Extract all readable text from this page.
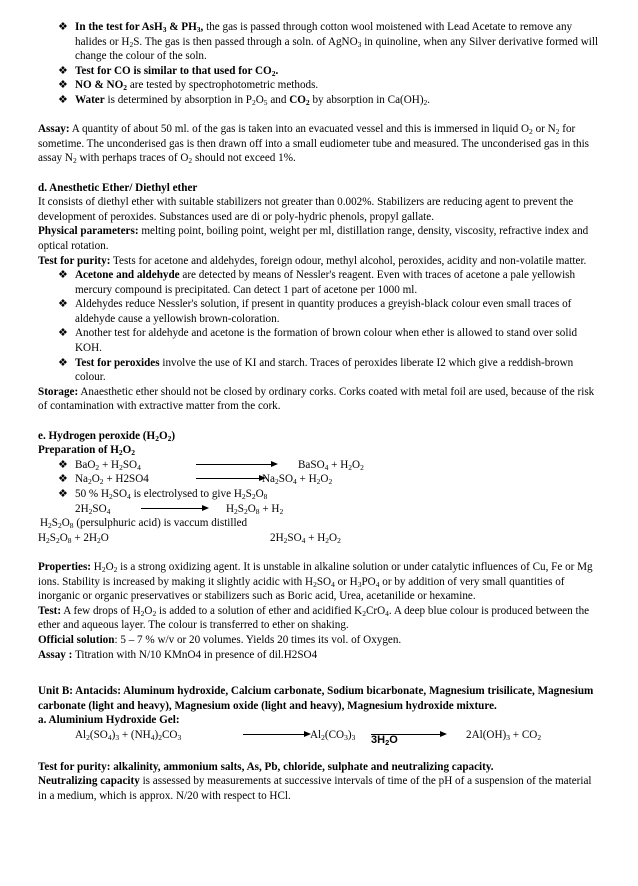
❖ In the test for AsH$_3$ & $PH_3$, the gas is passed through cotton wool moistened with Lead Acetate to remove any halides or $H_2S$. The gas is then passed through a soln. of AgNO$_3$ in quinoline, when any Silver derivative formed will change the colour of the soln.

❖ Test for CO is similar to that used for $CO_2$.

❖ NO & $NO_2$ are tested by spectrophotometric methods.

❖ Water is determined by absorption in $P_2O_5$ and $CO_2$ by absorption in $Ca(OH)_2$.

Assay: A quantity of about 50 ml. of the gas is taken into an evacuated vessel and this is immersed in liquid $O_2$ or $N_2$ for sometime. The unconderised gas is then drawn off into a small eudiometer tube and measured. The unconderised gas in this assay $N_2$ with perhaps traces of $O_2$ should not exceed 1%.

d. Anesthetic Ether/ Diethyl ether

It consists of diethyl ether with suitable stabilizers not greater than 0.002%. Stabilizers are reducing agent to prevent the development of peroxides. Substances used are di or poly-hydric phenols, propyl gallate.

Physical parameters: melting point, boiling point, weight per ml, distillation range, density, viscosity, refractive index and optical rotation.

Test for purity: Tests for acetone and aldehydes, foreign odour, methyl alcohol, peroxides, acidity and non-volatile matter.

❖ Acetone and aldehyde are detected by means of Nessler's reagent. Even with traces of acetone a pale yellowish mercury compound is precipitated. Can detect 1 part of acetone per 1000 ml.

❖ Aldehydes reduce Nessler's solution, if present in quantity produces a greyish-black colour even small traces of aldehyde cause a yellowish brown-coloration.

❖ Another test for aldehyde and acetone is the formation of brown colour when ether is allowed to stand over solid KOH.

❖ Test for peroxides involve the use of KI and starch. Traces of peroxides liberate I2 which give a reddish-brown colour.

Storage: Anaesthetic ether should not be closed by ordinary corks. Corks coated with metal foil are used, because of the risk of contamination with extractive matter from the cork.

e. Hydrogen peroxide $(H_2O_2)$

Preparation of $H_2O_2$

❖ $BaO_2 + H_2SO_4$	BaSO$_4$ + $H_2O_2$
❖ $Na_2O_2 + H2SO4$	$Na_2SO_4 + H_2O_2$
❖ 50 % $H_2SO_4$ is electrolysed to give $H_2S_2O_8$
$2H_2SO_4$	$H_2S_2O_8 + H_2$
$H_2S_2O_8$ (persulphuric acid) is vaccum distilled
$H_2S_2O_8 + 2H_2O$	$2H_2SO_4 + H_2O_2$

Properties: $H_2O_2$ is a strong oxidizing agent. It is unstable in alkaline solution or under catalytic influences of Cu, Fe or Mg ions. Stability is increased by making it slightly acidic with $H_2SO_4$ or $H_3PO_4$ or by addition of very small quantities of inorganic or organic preservatives or stabilizers such as Boric acid, Urea, acetanilide or hexamine.

Test: A few drops of $H_2O_2$ is added to a solution of ether and acidified $K_2CrO_4$. A deep blue colour is produced between the ether and aqueous layer. The colour is transferred to ether on shaking.

Official solution: 5 – 7 % w/v or 20 volumes. Yields 20 times its vol. of Oxygen.

Assay : Titration with N/10 KMnO4 in presence of dil.H2SO4

Unit B: Antacids: Aluminum hydroxide, Calcium carbonate, Sodium bicarbonate, Magnesium trisilicate, Magnesium carbonate (light and heavy), Magnesium oxide (light and heavy), Magnesium hydroxide mixture.

a. Aluminium Hydroxide Gel:

$Al_2(SO_4)_3 + (NH_4)_2CO_3$	$Al_2(CO_3)_3$ $3H_2O$	$2Al(OH)_3 + CO_2$

Test for purity: alkalinity, ammonium salts, As, Pb, chloride, sulphate and neutralizing capacity.

Neutralizing capacity is assessed by measurements at successive intervals of time of the pH of a suspension of the material in a medium, which is approx. N/20 with respect to HCl.
